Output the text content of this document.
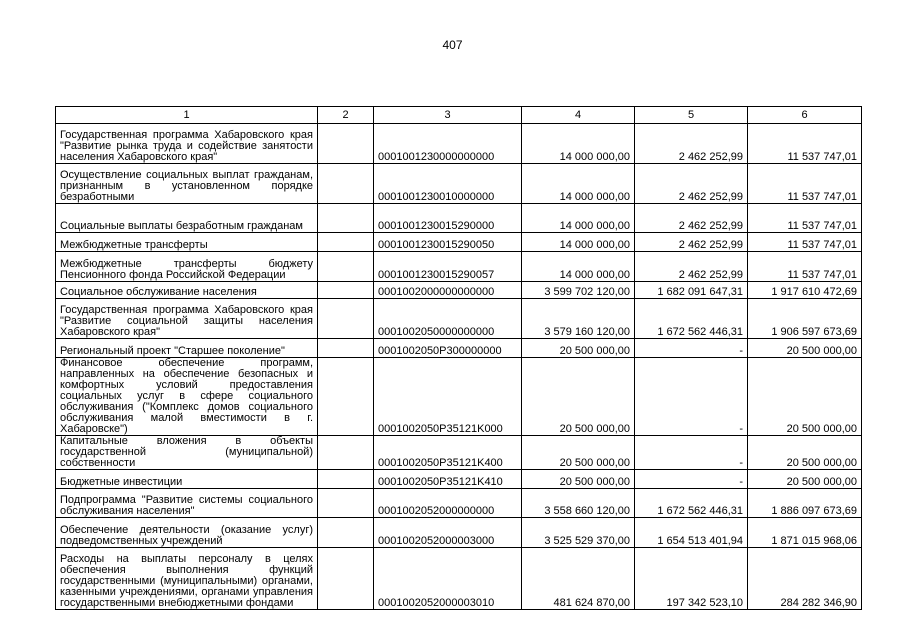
407
1	2	3	4	5	6
Государственная программа Хабаровского края "Развитие рынка труда и содействие занятости населения Хабаровского края"		0001001230000000000	14 000 000,00	2 462 252,99	11 537 747,01
Осуществление социальных выплат гражданам, признанным в установленном порядке безработными		0001001230010000000	14 000 000,00	2 462 252,99	11 537 747,01
Социальные выплаты безработным гражданам		0001001230015290000	14 000 000,00	2 462 252,99	11 537 747,01
Межбюджетные трансферты		0001001230015290050	14 000 000,00	2 462 252,99	11 537 747,01
Межбюджетные трансферты бюджету Пенсионного фонда Российской Федерации		0001001230015290057	14 000 000,00	2 462 252,99	11 537 747,01
Социальное обслуживание населения		0001002000000000000	3 599 702 120,00	1 682 091 647,31	1 917 610 472,69
Государственная программа Хабаровского края "Развитие социальной защиты населения Хабаровского края"		0001002050000000000	3 579 160 120,00	1 672 562 446,31	1 906 597 673,69
Региональный проект "Старшее поколение"		0001002050P300000000	20 500 000,00	-	20 500 000,00
Финансовое обеспечение программ, направленных на обеспечение безопасных и комфортных условий предоставления социальных услуг в сфере социального обслуживания ("Комплекс домов социального обслуживания малой вместимости в г. Хабаровске")		0001002050P35121K000	20 500 000,00	-	20 500 000,00
Капитальные вложения в объекты государственной (муниципальной) собственности		0001002050P35121K400	20 500 000,00	-	20 500 000,00
Бюджетные инвестиции		0001002050P35121K410	20 500 000,00	-	20 500 000,00
Подпрограмма "Развитие системы социального обслуживания населения"		0001002052000000000	3 558 660 120,00	1 672 562 446,31	1 886 097 673,69
Обеспечение деятельности (оказание услуг) подведомственных учреждений		0001002052000003000	3 525 529 370,00	1 654 513 401,94	1 871 015 968,06
Расходы на выплаты персоналу в целях обеспечения выполнения функций государственными (муниципальными) органами, казенными учреждениями, органами управления государственными внебюджетными фондами		0001002052000003010	481 624 870,00	197 342 523,10	284 282 346,90
